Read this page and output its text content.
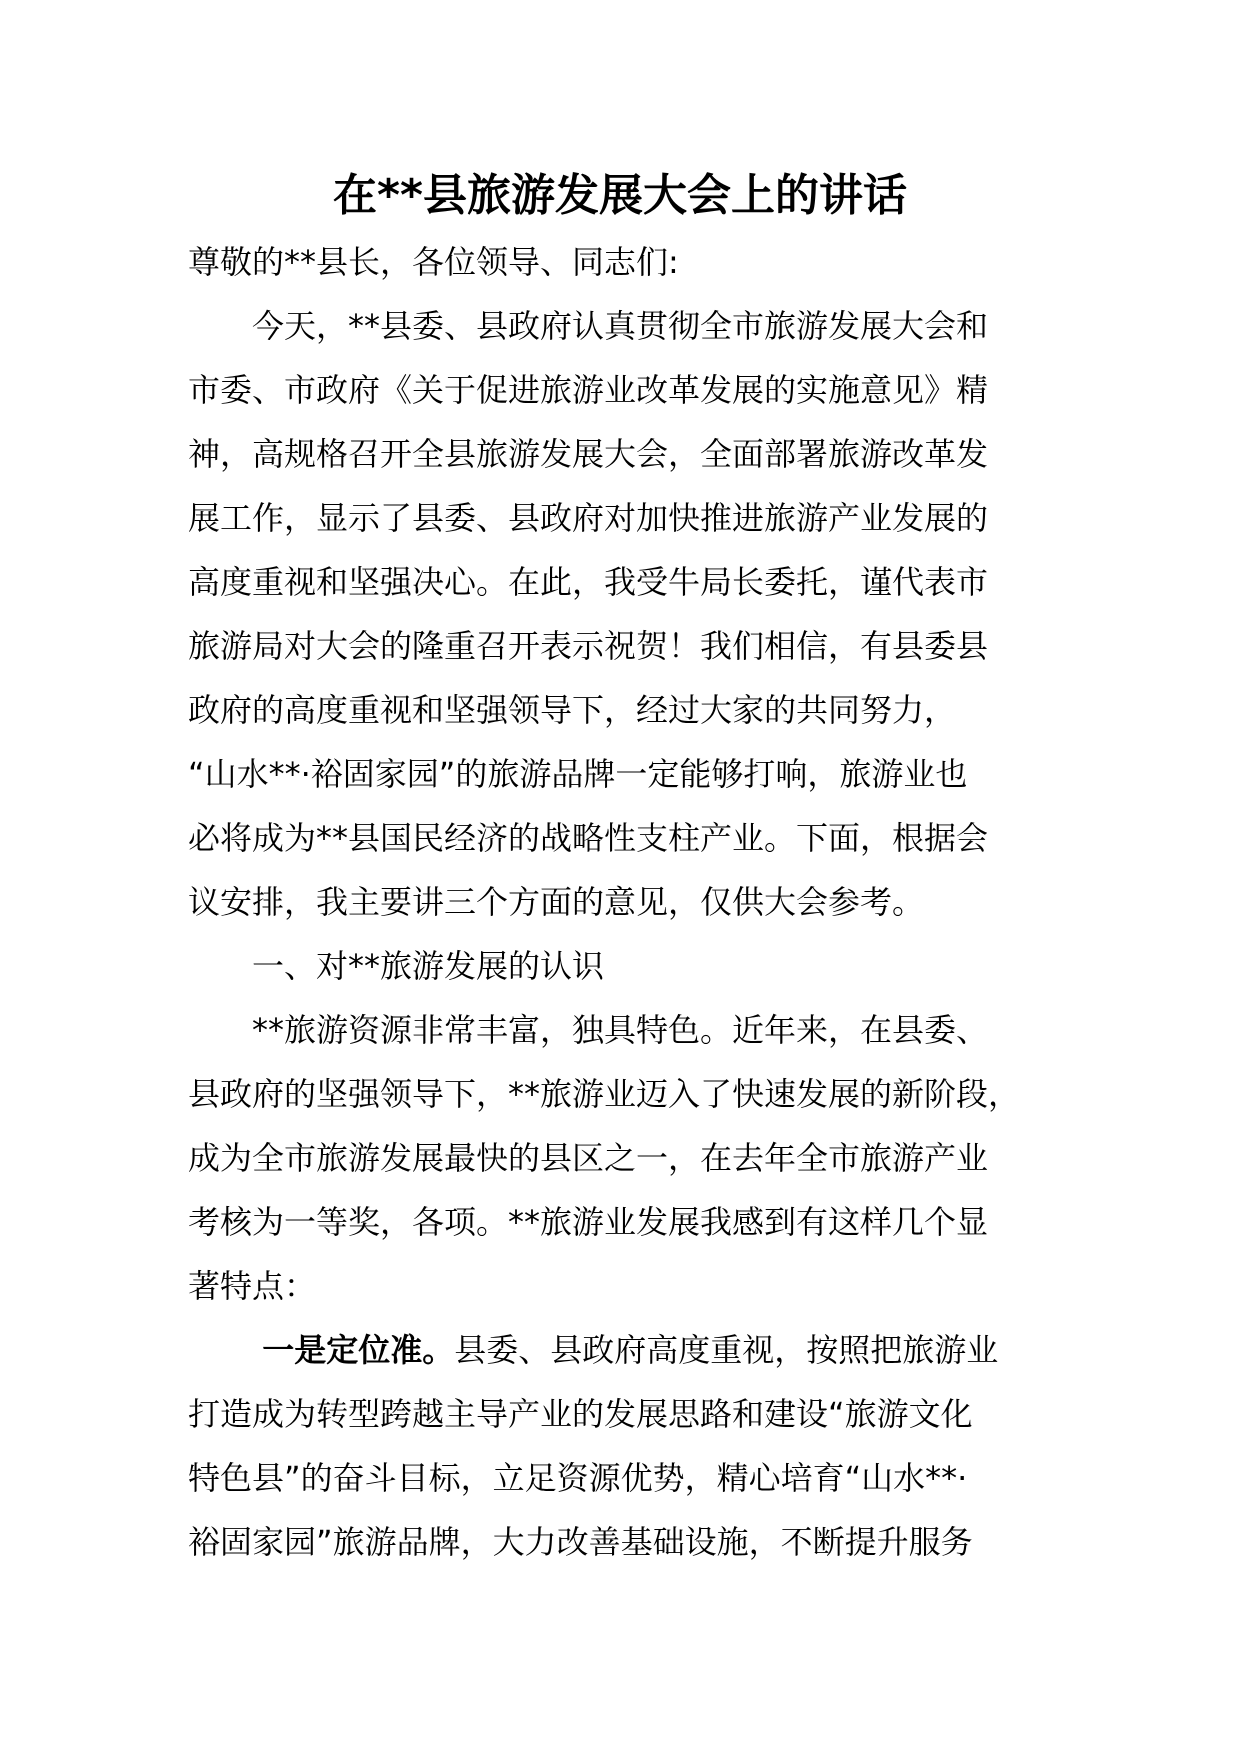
在**县旅游发展大会上的讲话
尊敬的**县长，各位领导、同志们:
　　今天，**县委、县政府认真贯彻全市旅游发展大会和
市委、市政府《关于促进旅游业改革发展的实施意见》精
神，高规格召开全县旅游发展大会，全面部署旅游改革发
展工作，显示了县委、县政府对加快推进旅游产业发展的
高度重视和坚强决心。在此，我受牛局长委托，谨代表市
旅游局对大会的隆重召开表示祝贺！我们相信，有县委县
政府的高度重视和坚强领导下，经过大家的共同努力，
“山水**·裕固家园”的旅游品牌一定能够打响，旅游业也
必将成为**县国民经济的战略性支柱产业。下面，根据会
议安排，我主要讲三个方面的意见，仅供大会参考。
　　一、对**旅游发展的认识
　　**旅游资源非常丰富，独具特色。近年来，在县委、
县政府的坚强领导下，**旅游业迈入了快速发展的新阶段，
成为全市旅游发展最快的县区之一，在去年全市旅游产业
考核为一等奖，各项。**旅游业发展我感到有这样几个显
著特点：
　　 一是定位准。县委、县政府高度重视，按照把旅游业
打造成为转型跨越主导产业的发展思路和建设“旅游文化
特色县”的奋斗目标，立足资源优势，精心培育“山水**·
裕固家园”旅游品牌，大力改善基础设施，不断提升服务
